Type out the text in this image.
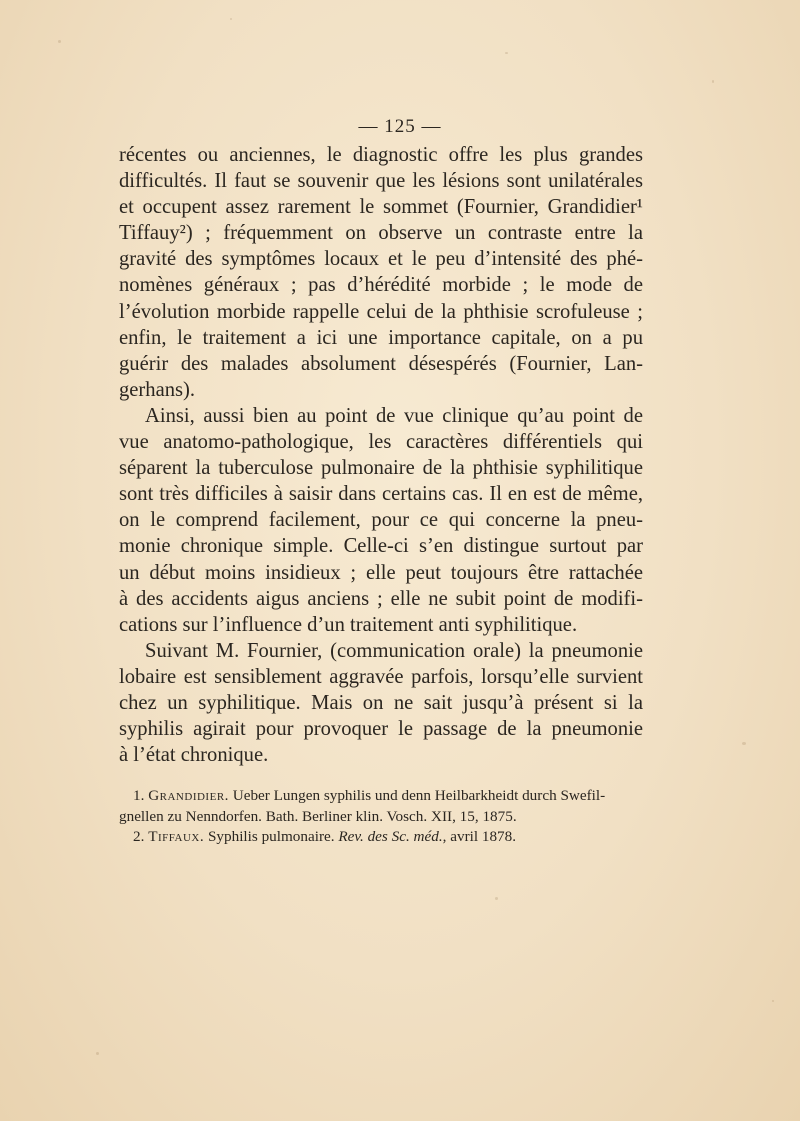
— 125 —
récentes ou anciennes, le diagnostic offre les plus grandes
difficultés. Il faut se souvenir que les lésions sont unilatérales
et occupent assez rarement le sommet (Fournier, Grandidier¹
Tiffauy²) ; fréquemment on observe un contraste entre la
gravité des symptômes locaux et le peu d’intensité des phé-
nomènes généraux ; pas d’hérédité morbide ; le mode de
l’évolution morbide rappelle celui de la phthisie scrofuleuse ;
enfin, le traitement a ici une importance capitale, on a pu
guérir des malades absolument désespérés (Fournier, Lan-
gerhans).
Ainsi, aussi bien au point de vue clinique qu’au point de
vue anatomo-pathologique, les caractères différentiels qui
séparent la tuberculose pulmonaire de la phthisie syphilitique
sont très difficiles à saisir dans certains cas. Il en est de même,
on le comprend facilement, pour ce qui concerne la pneu-
monie chronique simple. Celle-ci s’en distingue surtout par
un début moins insidieux ; elle peut toujours être rattachée
à des accidents aigus anciens ; elle ne subit point de modifi-
cations sur l’influence d’un traitement anti syphilitique.
Suivant M. Fournier, (communication orale) la pneumonie
lobaire est sensiblement aggravée parfois, lorsqu’elle survient
chez un syphilitique. Mais on ne sait jusqu’à présent si la
syphilis agirait pour provoquer le passage de la pneumonie
à l’état chronique.
1. Grandidier. Ueber Lungen syphilis und denn Heilbarkheidt durch Swefil-
gnellen zu Nenndorfen. Bath. Berliner klin. Vosch. XII, 15, 1875.
2. Tiffaux. Syphilis pulmonaire. Rev. des Sc. méd., avril 1878.
